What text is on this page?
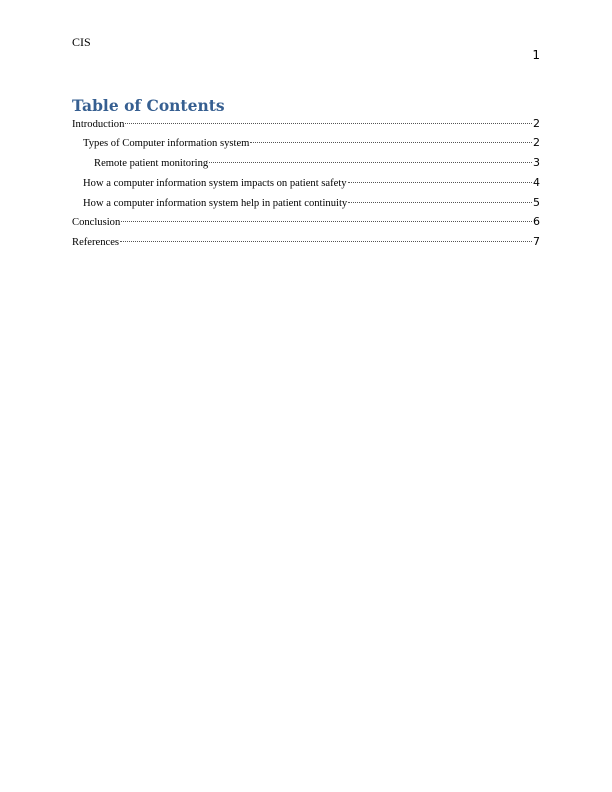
CIS
1
Table of Contents
Introduction	2
Types of Computer information system	2
Remote patient monitoring	3
How a computer information system impacts on patient safety	4
How a computer information system help in patient continuity	5
Conclusion	6
References	7
